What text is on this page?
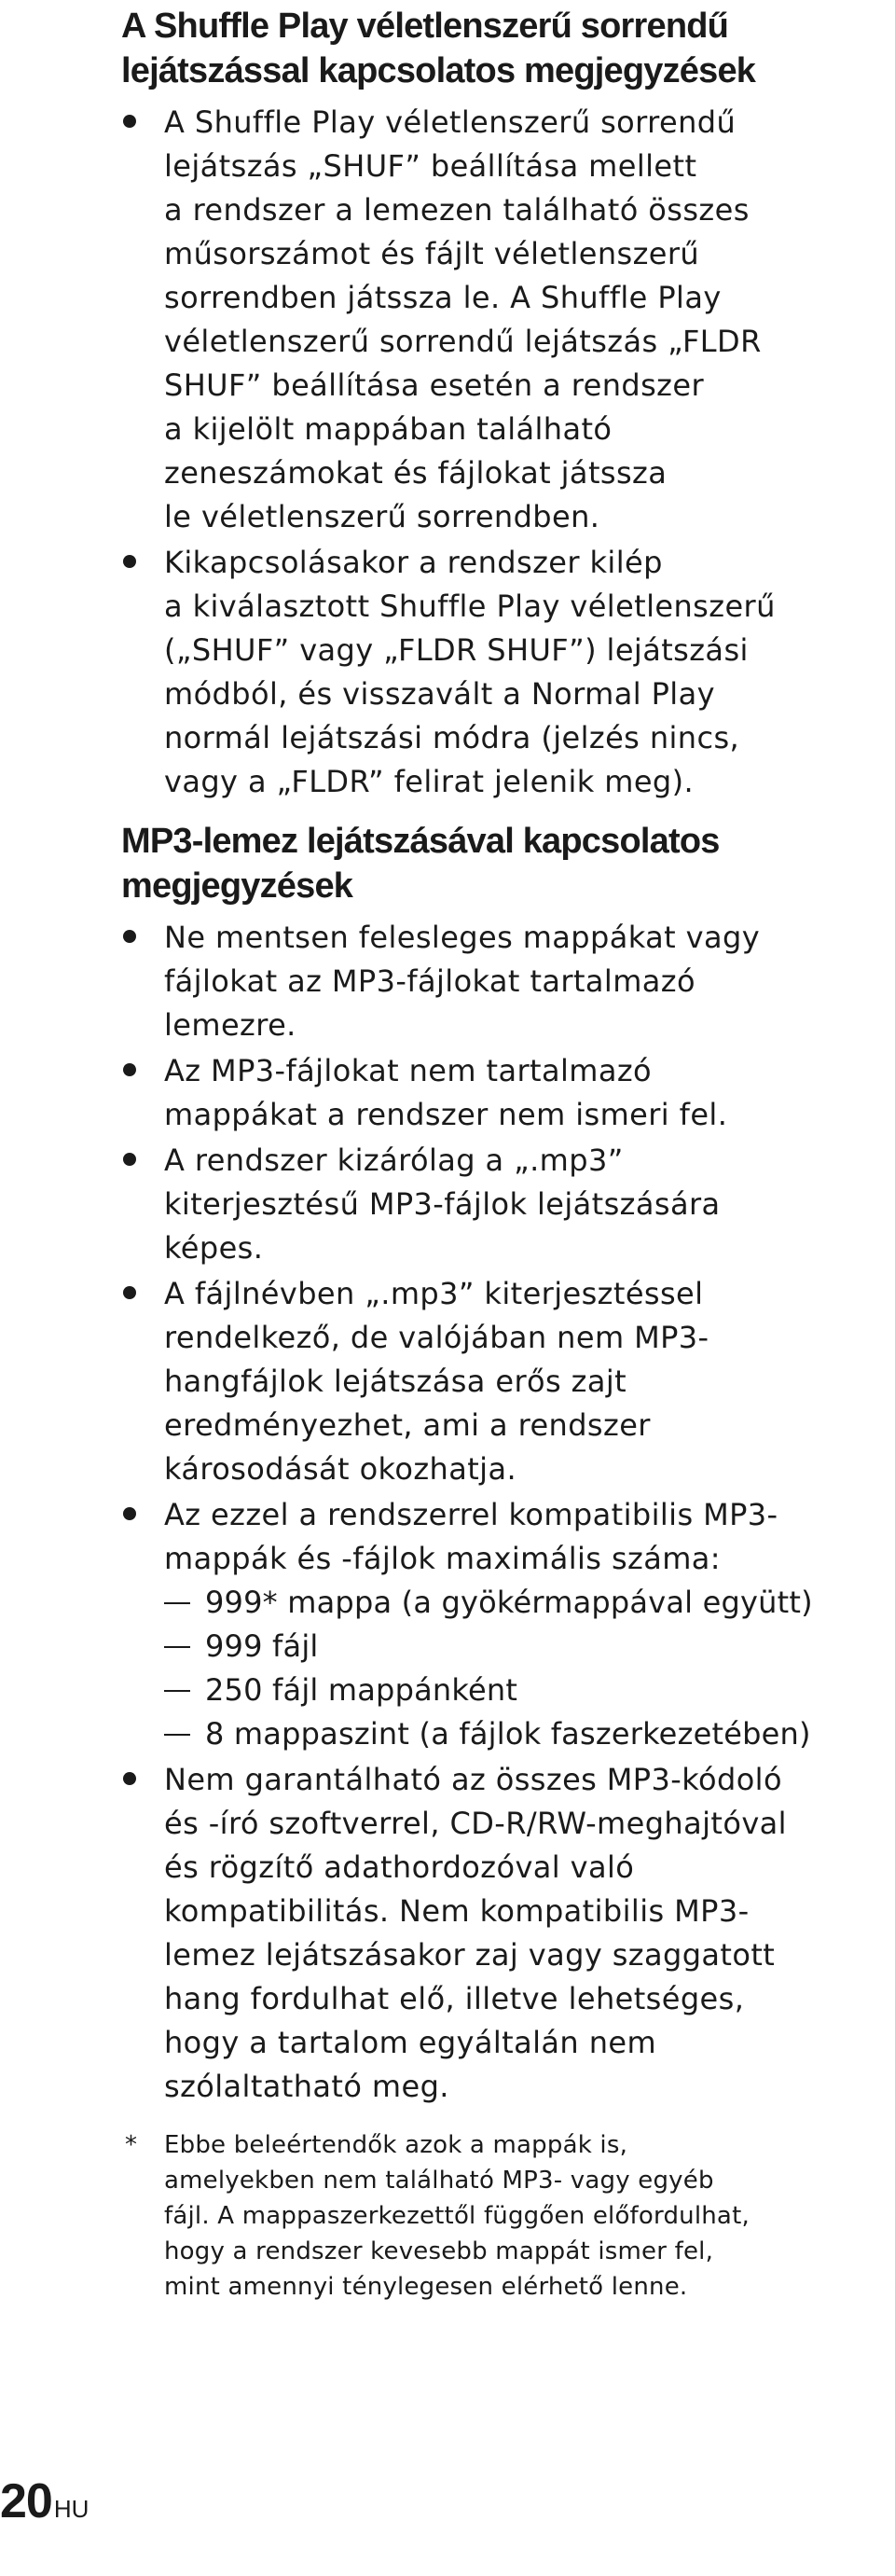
A Shuffle Play véletlenszerű sorrendű
lejátszással kapcsolatos megjegyzések
A Shuffle Play véletlenszerű sorrendű
lejátszás „SHUF” beállítása mellett
a rendszer a lemezen található összes
műsorszámot és fájlt véletlenszerű
sorrendben játssza le. A Shuffle Play
véletlenszerű sorrendű lejátszás „FLDR
SHUF” beállítása esetén a rendszer
a kijelölt mappában található
zeneszámokat és fájlokat játssza
le véletlenszerű sorrendben.
Kikapcsolásakor a rendszer kilép
a kiválasztott Shuffle Play véletlenszerű
(„SHUF” vagy „FLDR SHUF”) lejátszási
módból, és visszavált a Normal Play
normál lejátszási módra (jelzés nincs,
vagy a „FLDR” felirat jelenik meg).
MP3-lemez lejátszásával kapcsolatos
megjegyzések
Ne mentsen felesleges mappákat vagy
fájlokat az MP3-fájlokat tartalmazó
lemezre.
Az MP3-fájlokat nem tartalmazó
mappákat a rendszer nem ismeri fel.
A rendszer kizárólag a „.mp3”
kiterjesztésű MP3-fájlok lejátszására
képes.
A fájlnévben „.mp3” kiterjesztéssel
rendelkező, de valójában nem MP3-
hangfájlok lejátszása erős zajt
eredményezhet, ami a rendszer
károsodását okozhatja.
Az ezzel a rendszerrel kompatibilis MP3-
mappák és -fájlok maximális száma:
999* mappa (a gyökérmappával együtt)
999 fájl
250 fájl mappánként
8 mappaszint (a fájlok faszerkezetében)
Nem garantálható az összes MP3-kódoló
és -író szoftverrel, CD-R/RW-meghajtóval
és rögzítő adathordozóval való
kompatibilitás. Nem kompatibilis MP3-
lemez lejátszásakor zaj vagy szaggatott
hang fordulhat elő, illetve lehetséges,
hogy a tartalom egyáltalán nem
szólaltatható meg.
* Ebbe beleértendők azok a mappák is,
amelyekben nem található MP3- vagy egyéb
fájl. A mappaszerkezettől függően előfordulhat,
hogy a rendszer kevesebb mappát ismer fel,
mint amennyi ténylegesen elérhető lenne.
$20^{HU}$
